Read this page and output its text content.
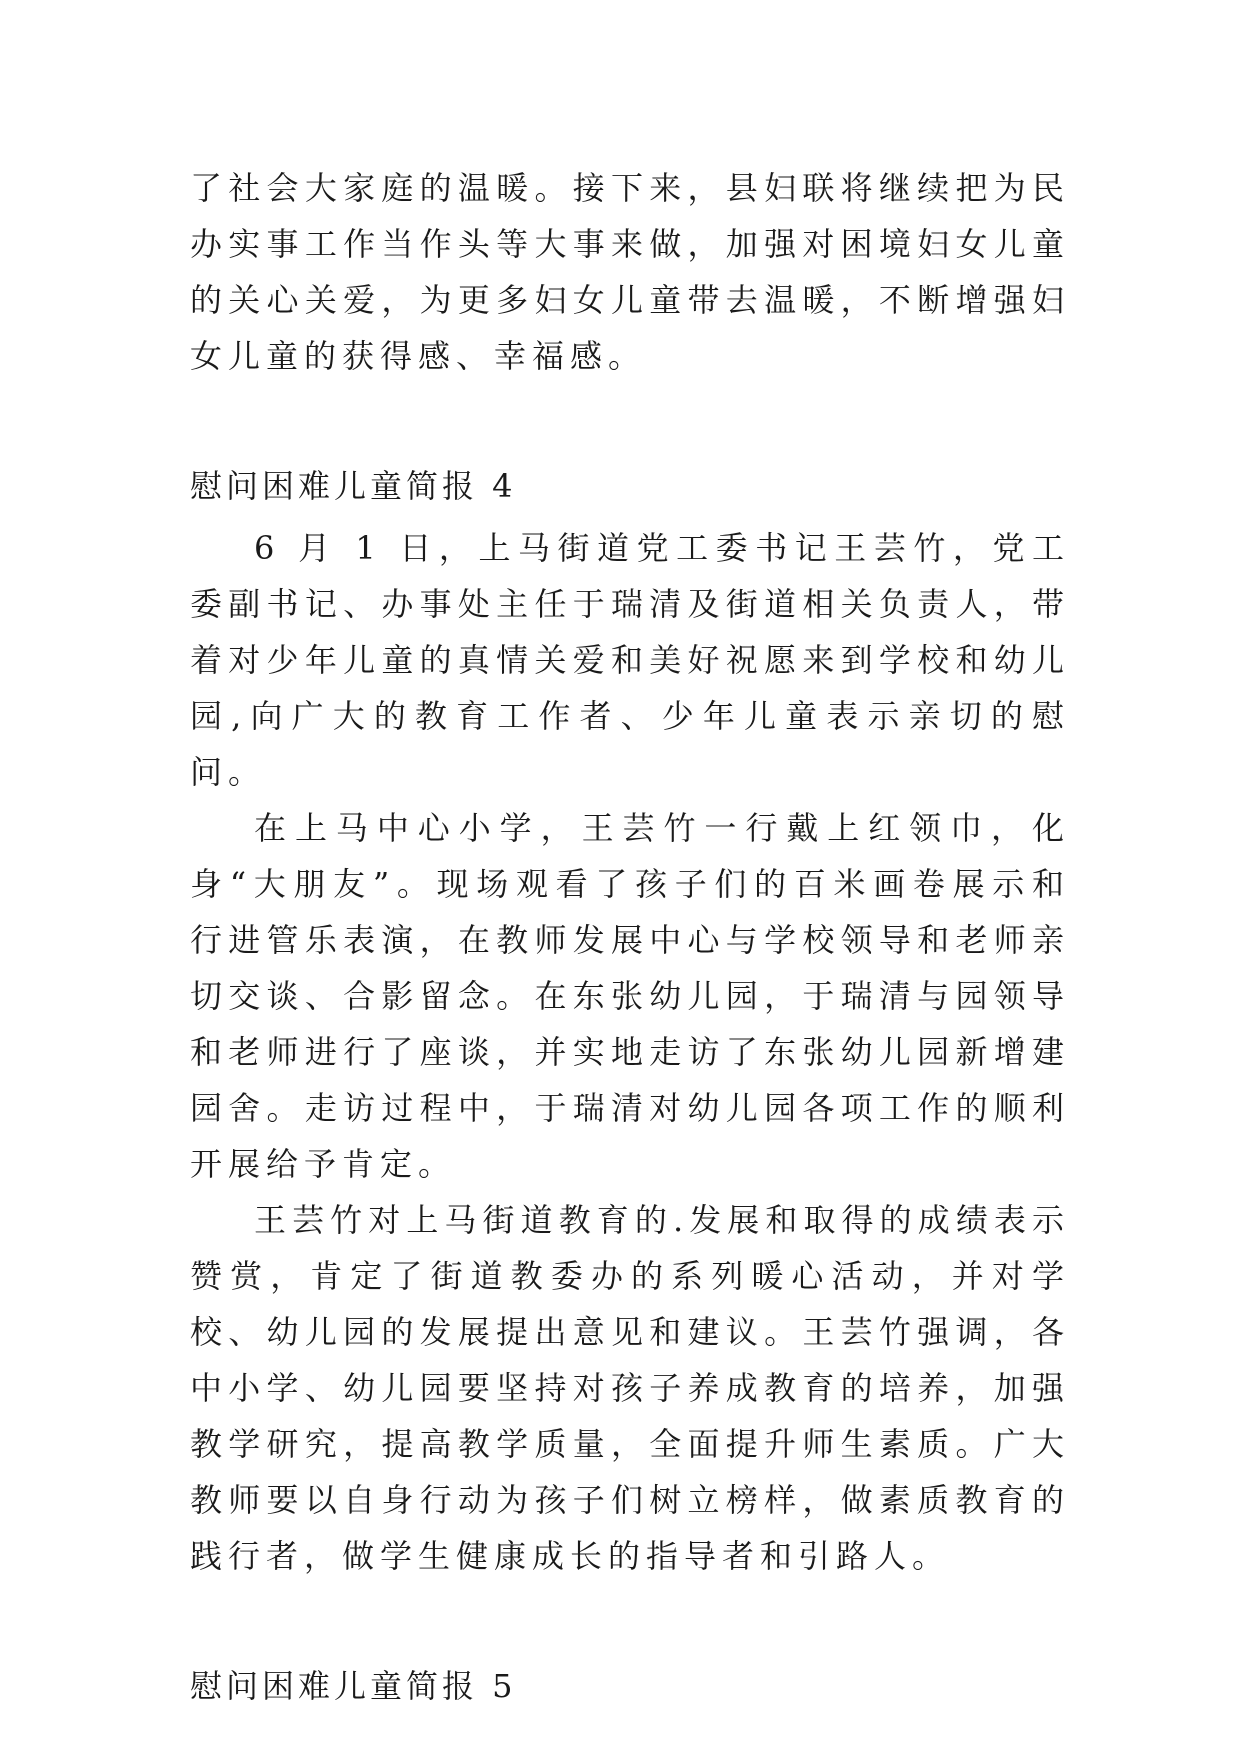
了社会大家庭的温暖。接下来，县妇联将继续把为民办实事工作当作头等大事来做，加强对困境妇女儿童的关心关爱，为更多妇女儿童带去温暖，不断增强妇女儿童的获得感、幸福感。

慰问困难儿童简报 4

6 月 1 日，上马街道党工委书记王芸竹，党工委副书记、办事处主任于瑞清及街道相关负责人，带着对少年儿童的真情关爱和美好祝愿来到学校和幼儿园,向广大的教育工作者、少年儿童表示亲切的慰问。

在上马中心小学，王芸竹一行戴上红领巾，化身“大朋友”。现场观看了孩子们的百米画卷展示和行进管乐表演，在教师发展中心与学校领导和老师亲切交谈、合影留念。在东张幼儿园，于瑞清与园领导和老师进行了座谈，并实地走访了东张幼儿园新增建园舍。走访过程中，于瑞清对幼儿园各项工作的顺利开展给予肯定。

王芸竹对上马街道教育的.发展和取得的成绩表示赞赏，肯定了街道教委办的系列暖心活动，并对学校、幼儿园的发展提出意见和建议。王芸竹强调，各中小学、幼儿园要坚持对孩子养成教育的培养，加强教学研究，提高教学质量，全面提升师生素质。广大教师要以自身行动为孩子们树立榜样，做素质教育的践行者，做学生健康成长的指导者和引路人。

慰问困难儿童简报 5
